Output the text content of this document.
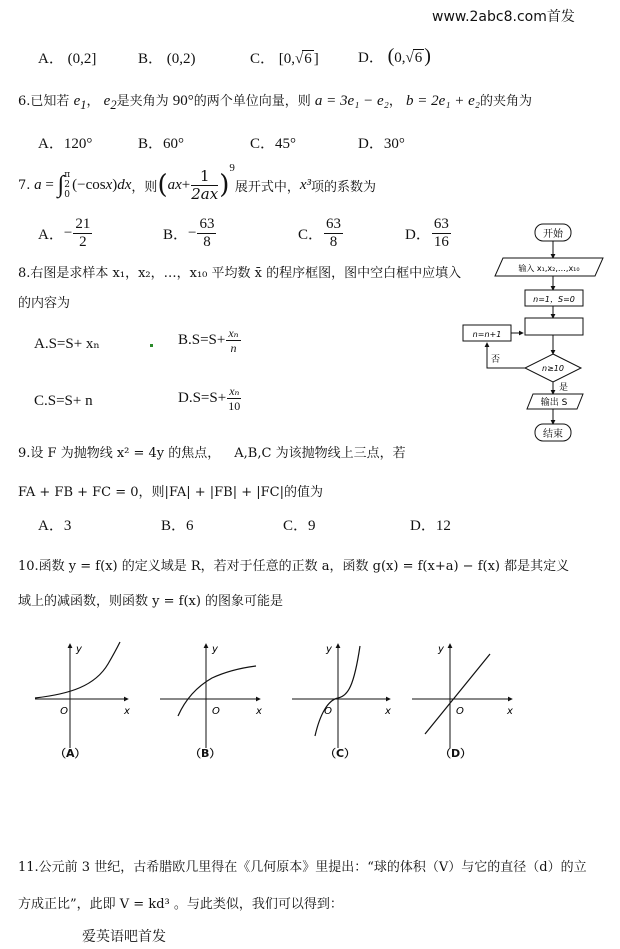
www.2abc8.com首发
A． (0,2]	B． (0,2)	C． [0,√6 ]	D． (0,√6 )
6.已知若 $e_1$， $e_2$是夹角为 90°的两个单位向量，则 a = 3e₁ − e₂， b = 2e₁ + e₂的夹角为
A．120°	B．60°	C．45°	D．30°
7. a = ∫ π
2
0
(−cosx)dx ，则 ( ax + $\frac{1}{2ax}$ )
$^9$
展开式中， x³ 项的系数为
A． − $\frac{21}{2}$	B． − $\frac{63}{8}$	C． $\frac{63}{8}$	D． $\frac{63}{16}$
8.右图是求样本 x₁，x₂，…，x₁₀ 平均数 x̄ 的程序框图，图中空白框中应填入
的内容为
A.S=S+ xₙ	$B.S=S+ \frac{\text{xₙ}}{n}$
C.S=S+ n	$D.S=S+ \frac{\text{xₙ}}{10}$
开始
输入 x₁,x₂,…,x₁₀
n=1，S=0
n=n+1
n≥10
否
是
输出 S
结束
9.设 F 为抛物线 x² = 4y 的焦点， A,B,C 为该抛物线上三点，若
FA + FB + FC = 0，则|FA| + |FB| + |FC|的值为
A．3	B．6	C．9	D．12
10.函数 y = f(x) 的定义域是 R，若对于任意的正数 a，函数 g(x) = f(x+a) − f(x) 都是其定义
域上的减函数，则函数 y = f(x) 的图象可能是
y
x
O
y
x
O
y
x
O
y
x
O
（A）	（B）	（C）	（D）
11.公元前 3 世纪，古希腊欧几里得在《几何原本》里提出：“球的体积（V）与它的直径（d）的立
方成正比”，此即 V = kd³ 。与此类似，我们可以得到：
爱英语吧首发
